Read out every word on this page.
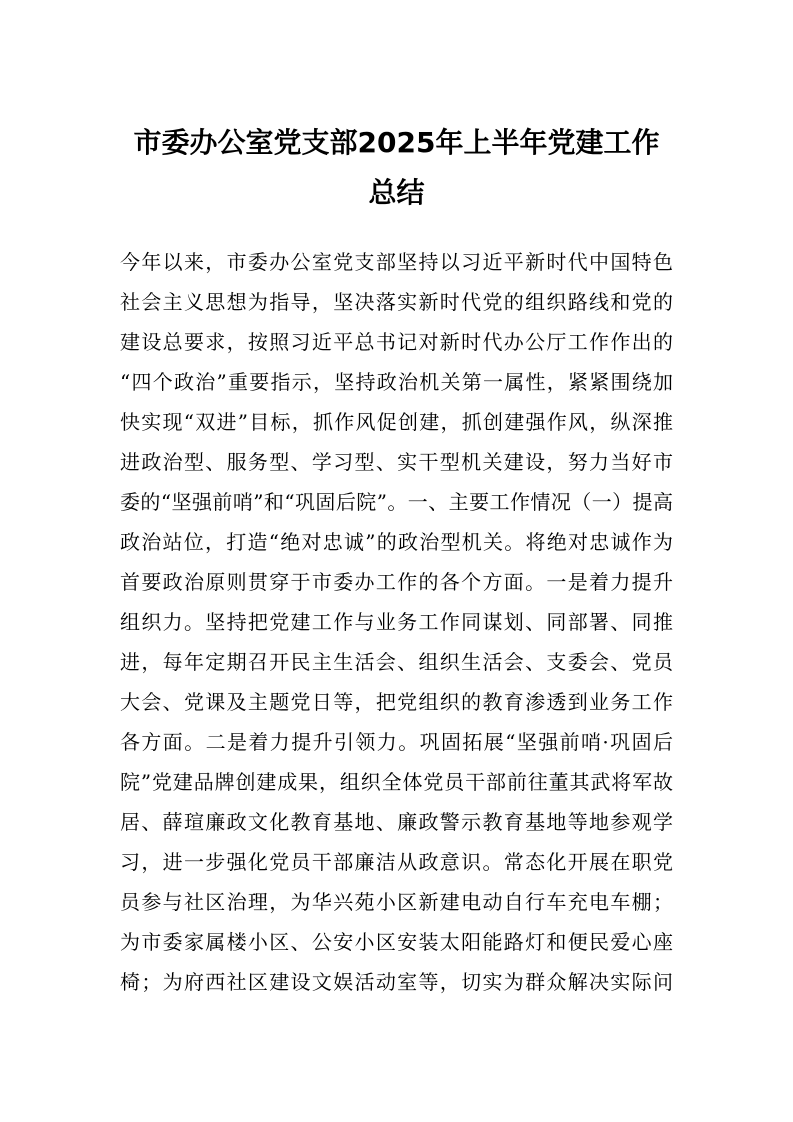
市委办公室党支部2025年上半年党建工作
总结
今年以来，市委办公室党支部坚持以习近平新时代中国特色
社会主义思想为指导，坚决落实新时代党的组织路线和党的
建设总要求，按照习近平总书记对新时代办公厅工作作出的
“四个政治”重要指示，坚持政治机关第一属性，紧紧围绕加
快实现“双进”目标，抓作风促创建，抓创建强作风，纵深推
进政治型、服务型、学习型、实干型机关建设，努力当好市
委的“坚强前哨”和“巩固后院”。一、主要工作情况（一）提高
政治站位，打造“绝对忠诚”的政治型机关。将绝对忠诚作为
首要政治原则贯穿于市委办工作的各个方面。一是着力提升
组织力。坚持把党建工作与业务工作同谋划、同部署、同推
进，每年定期召开民主生活会、组织生活会、支委会、党员
大会、党课及主题党日等，把党组织的教育渗透到业务工作
各方面。二是着力提升引领力。巩固拓展“坚强前哨·巩固后
院”党建品牌创建成果，组织全体党员干部前往董其武将军故
居、薛瑄廉政文化教育基地、廉政警示教育基地等地参观学
习，进一步强化党员干部廉洁从政意识。常态化开展在职党
员参与社区治理，为华兴苑小区新建电动自行车充电车棚；
为市委家属楼小区、公安小区安装太阳能路灯和便民爱心座
椅；为府西社区建设文娱活动室等，切实为群众解决实际问
